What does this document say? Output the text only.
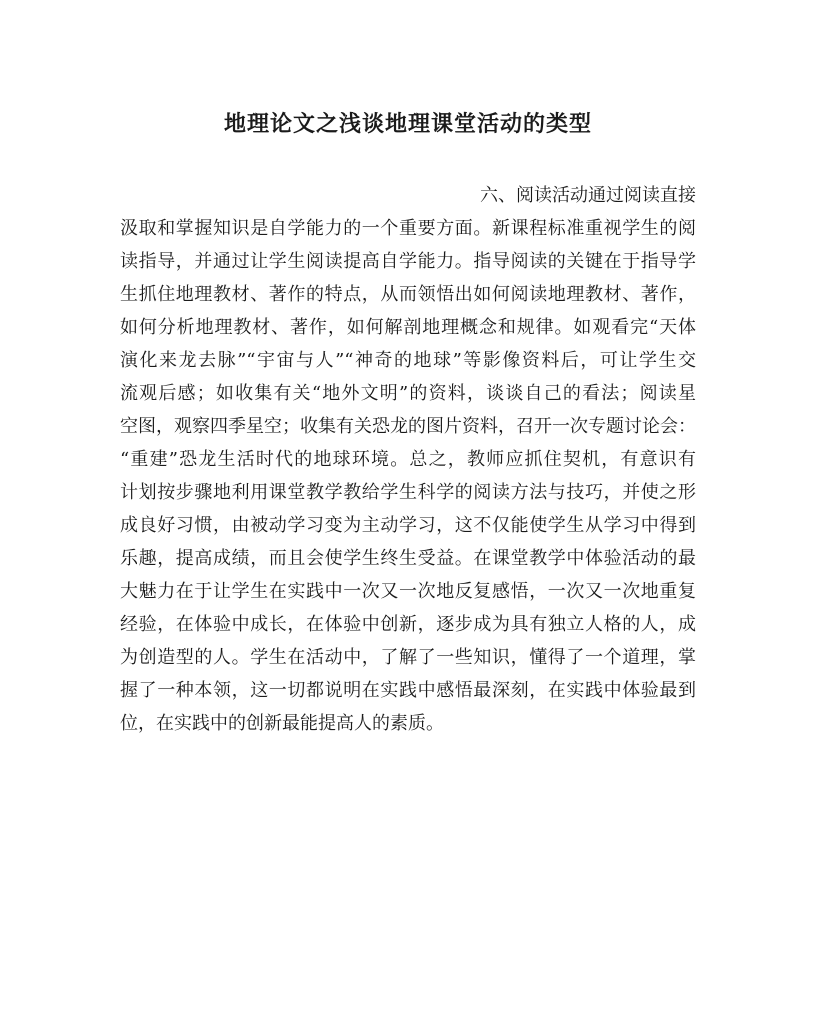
地理论文之浅谈地理课堂活动的类型

六、阅读活动通过阅读直接

汲取和掌握知识是自学能力的一个重要方面。新课程标准重视学生的阅

读指导，并通过让学生阅读提高自学能力。指导阅读的关键在于指导学

生抓住地理教材、著作的特点，从而领悟出如何阅读地理教材、著作，

如何分析地理教材、著作，如何解剖地理概念和规律。如观看完“天体

演化来龙去脉”“宇宙与人”“神奇的地球”等影像资料后，可让学生交

流观后感；如收集有关“地外文明”的资料，谈谈自己的看法；阅读星

空图，观察四季星空；收集有关恐龙的图片资料，召开一次专题讨论会：

“重建”恐龙生活时代的地球环境。总之，教师应抓住契机，有意识有

计划按步骤地利用课堂教学教给学生科学的阅读方法与技巧，并使之形

成良好习惯，由被动学习变为主动学习，这不仅能使学生从学习中得到

乐趣，提高成绩，而且会使学生终生受益。在课堂教学中体验活动的最

大魅力在于让学生在实践中一次又一次地反复感悟，一次又一次地重复

经验，在体验中成长，在体验中创新，逐步成为具有独立人格的人，成

为创造型的人。学生在活动中，了解了一些知识，懂得了一个道理，掌

握了一种本领，这一切都说明在实践中感悟最深刻，在实践中体验最到

位，在实践中的创新最能提高人的素质。
